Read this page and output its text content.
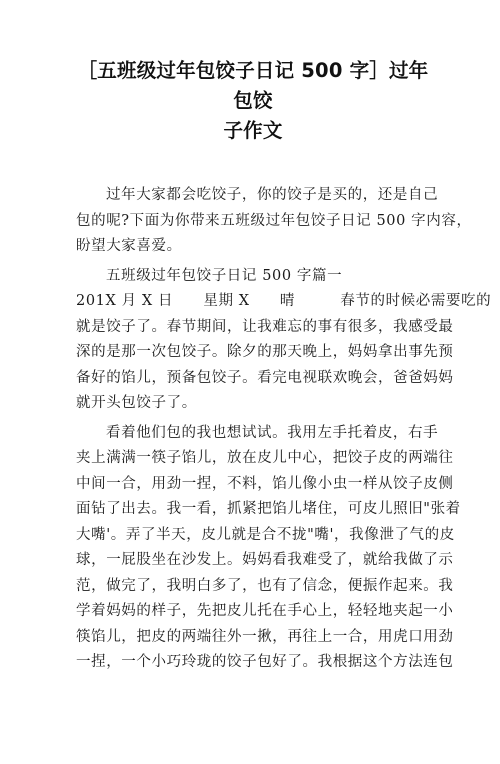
［五班级过年包饺子日记 500 字］过年包饺
子作文
过年大家都会吃饺子，你的饺子是买的，还是自己
包的呢?下面为你带来五班级过年包饺子日记 500 字内容，
盼望大家喜爱。
五班级过年包饺子日记 500 字篇一
201X 月 X 日　　星期 X　　晴　　　春节的时候必需要吃的
就是饺子了。春节期间，让我难忘的事有很多，我感受最
深的是那一次包饺子。除夕的那天晚上，妈妈拿出事先预
备好的馅儿，预备包饺子。看完电视联欢晚会，爸爸妈妈
就开头包饺子了。
看着他们包的我也想试试。我用左手托着皮，右手
夹上满满一筷子馅儿，放在皮儿中心，把饺子皮的两端往
中间一合，用劲一捏，不料，馅儿像小虫一样从饺子皮侧
面钻了出去。我一看，抓紧把馅儿堵住，可皮儿照旧"张着
大嘴'。弄了半天，皮儿就是合不拢"嘴'，我像泄了气的皮
球，一屁股坐在沙发上。妈妈看我难受了，就给我做了示
范，做完了，我明白多了，也有了信念，便振作起来。我
学着妈妈的样子，先把皮儿托在手心上，轻轻地夹起一小
筷馅儿，把皮的两端往外一揪，再往上一合，用虎口用劲
一捏，一个小巧玲珑的饺子包好了。我根据这个方法连包
